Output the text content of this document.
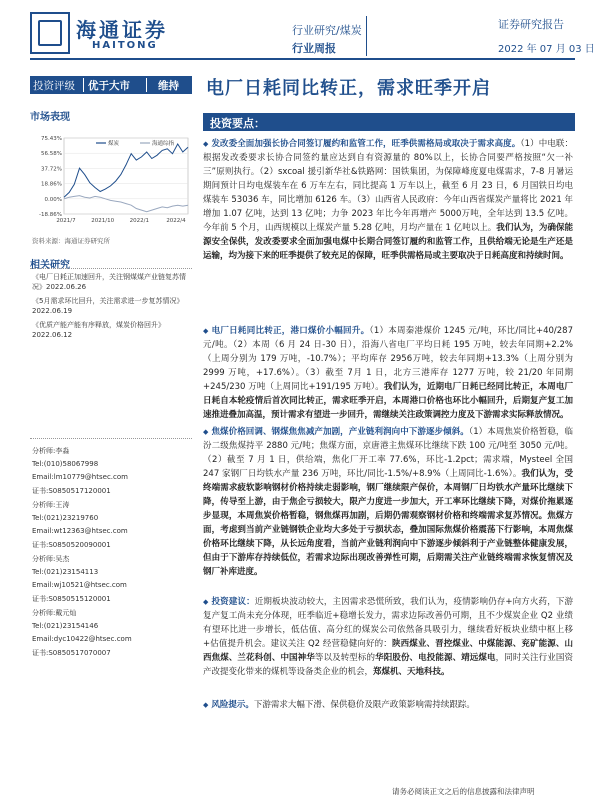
海通证券
HAITONG
行业研究/煤炭
行业周报
证券研究报告
2022 年 07 月 03 日
投资评级 优于大市	维持
市场表现
75.43%
56.58%
37.72%
18.86%
0.00%
-18.86%
2021/7	2021/10	2022/1	2022/4
煤炭	海通综指
资料来源：海通证券研究所
相关研究
《电厂日耗正加速回升，关注钢煤煤产业链复苏情况》2022.06.26
《5月需求环比回升，关注需求进一步复苏情况》2022.06.19
《优质产能产能有序释放，煤炭价格回升》2022.06.12
分析师:李淼
Tel:(010)58067998
Email:lm10779@htsec.com
证书:S0850517120001
分析师:王涛
Tel:(021)23219760
Email:wt12363@htsec.com
证书:S0850520090001
分析师:吴杰
Tel:(021)23154113
Email:wj10521@htsec.com
证书:S0850515120001
分析师:戴元灿
Tel:(021)23154146
Email:dyc10422@htsec.com
证书:S0850517070007
电厂日耗同比转正，需求旺季开启
投资要点：
◆ 发改委全面加强长协合同签订履约和监管工作，旺季供需格局或取决于需求高度。（1）中电联：根据发改委要求长协合同签约量应达到自有资源量的 80%以上，长协合同要严格按照“欠一补三”原则执行。（2）sxcoal 援引新华社&铁路网：国铁集团，为保障峰度夏电煤需求，7-8 月暑运期间预计日均电煤装车在 6 万车左右，同比提高 1 万车以上，截至 6 月 23 日，6 月国铁日均电煤装车 53036 车，同比增加 6126 车。（3）山西省人民政府：今年山西省煤炭产量将比 2021 年增加 1.07 亿吨，达到 13 亿吨；力争 2023 年比今年再增产 5000万吨，全年达到 13.5 亿吨。今年前 5 个月，山西规模以上煤炭产量 5.28 亿吨，月均产量在 1 亿吨以上。我们认为，为确保能源安全保供，发改委要求全面加强电煤中长期合同签订履约和监管工作，且供给端无论是生产还是运输，均为接下来的旺季提供了较充足的保障，旺季供需格局或主要取决于日耗高度和持续时间。
◆ 电厂日耗同比转正，港口煤价小幅回升。（1）本周秦港煤价 1245 元/吨，环比/同比+40/287 元/吨。（2）本周（6 月 24 日-30 日），沿海八省电厂平均日耗 195 万吨，较去年同期+2.2%（上周分别为 179 万吨，-10.7%）；平均库存 2956万吨，较去年同期+13.3%（上周分别为 2999 万吨，+17.6%）。（3）截至 7月 1 日，北方三港库存 1277 万吨，较 21/20 年同期+245/230 万吨（上周同比+191/195 万吨）。我们认为，近期电厂日耗已经同比转正，本周电厂日耗自本轮疫情后首次同比转正，需求旺季开启，本周港口价格也环比小幅回升，后期复产复工加速推进叠加高温，预计需求有望进一步回升，需继续关注政策调控力度及下游需求实际释放情况。
◆ 焦煤价格回调、钢煤焦焦减产加剧，产业链利润向中下游逐步倾斜。（1）本周焦炭价格暂稳，临汾二级焦煤持平 2880 元/吨；焦煤方面，京唐港主焦煤环比继续下跌 100 元/吨至 3050 元/吨。（2）截至 7 月 1 日，供给端，焦化厂开工率 77.6%，环比-1.2pct；需求端，Mysteel 全国 247 家钢厂日均铁水产量 236 万吨，环比/同比-1.5%/+8.9%（上周同比-1.6%）。我们认为，受终端需求疲软影响钢材价格持续走弱影响，钢厂继续限产保价，本周钢厂日均铁水产量环比继续下降，传导至上游，由于焦企亏损较大，限产力度进一步加大，开工率环比继续下降，对煤价拖累逐步显现，本周焦炭价格暂稳，钢焦煤再加剧，后期仍需观察钢材价格和终端需求复苏情况。焦煤方面，考虑到当前产业链钢铁企业均大多处于亏损状态，叠加国际焦煤价格震荡下行影响，本周焦煤价格环比继续下降，从长远角度看，当前产业链利润向中下游逐步倾斜利于产业链整体健康发展，但由于下游库存持续低位，若需求边际出现改善弹性可期，后期需关注产业链终端需求恢复情况及钢厂补库进度。
◆ 投资建议：近期板块波动较大，主因需求恐慌所致，我们认为，疫情影响仍存+向方火药，下游复产复工尚未充分体现，旺季临近+稳增长发力，需求边际改善仍可期，且不少煤炭企业 Q2 业绩有望环比进一步增长，低估值、高分红的煤炭公司依然备具吸引力，继续看好板块业绩中枢上移+估值提升机会。建议关注 Q2 经营稳健向好的：陕西煤业、晋控煤业、中煤能源、兖矿能源、山西焦煤、兰花科创、中国神华等以及转型标的华阳股份、电投能源、靖远煤电，同时关注行业国资产改提变化带来的煤机等设备类企业的机会，郑煤机、天地科技。
◆ 风险提示。下游需求大幅下滑、保供稳价及限产政策影响需持续跟踪。
请务必阅读正文之后的信息披露和法律声明
